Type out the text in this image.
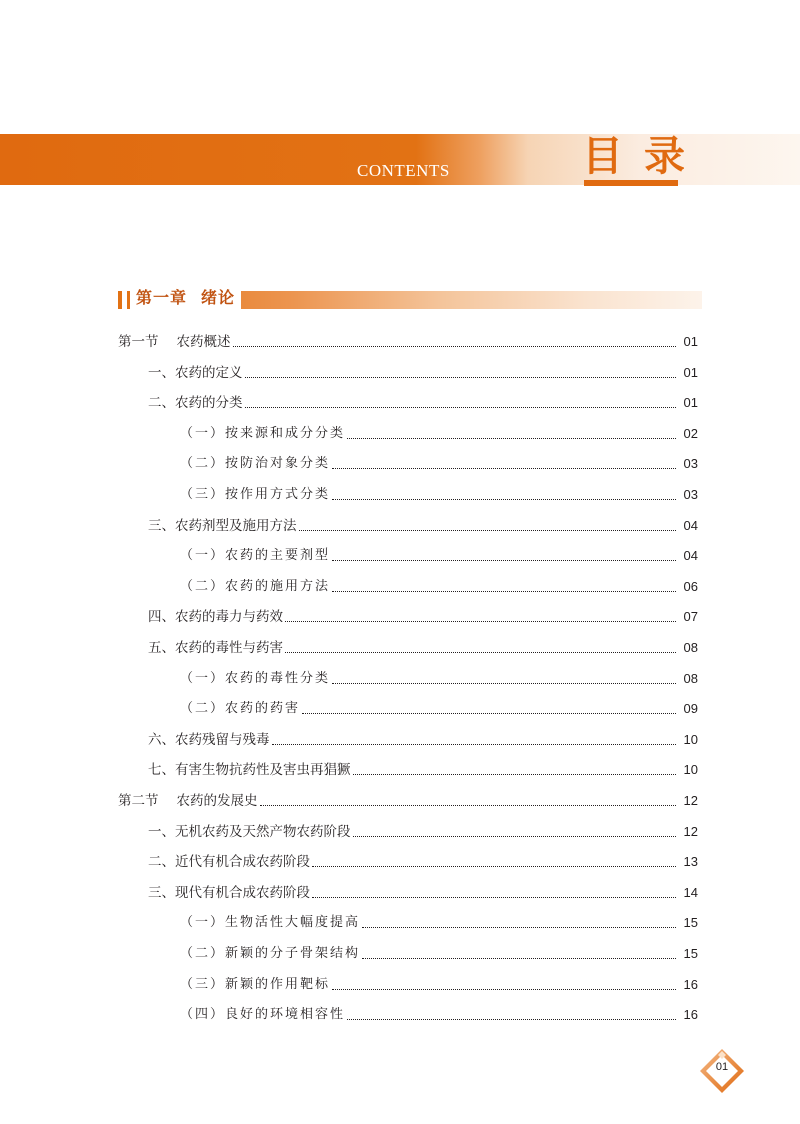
CONTENTS	目录
第一章 绪论
第一节 农药概述	01
一、农药的定义	01
二、农药的分类	01
（一）按来源和成分分类	02
（二）按防治对象分类	03
（三）按作用方式分类	03
三、农药剂型及施用方法	04
（一）农药的主要剂型	04
（二）农药的施用方法	06
四、农药的毒力与药效	07
五、农药的毒性与药害	08
（一）农药的毒性分类	08
（二）农药的药害	09
六、农药残留与残毒	10
七、有害生物抗药性及害虫再猖獗	10
第二节 农药的发展史	12
一、无机农药及天然产物农药阶段	12
二、近代有机合成农药阶段	13
三、现代有机合成农药阶段	14
（一）生物活性大幅度提高	15
（二）新颖的分子骨架结构	15
（三）新颖的作用靶标	16
（四）良好的环境相容性	16
01
